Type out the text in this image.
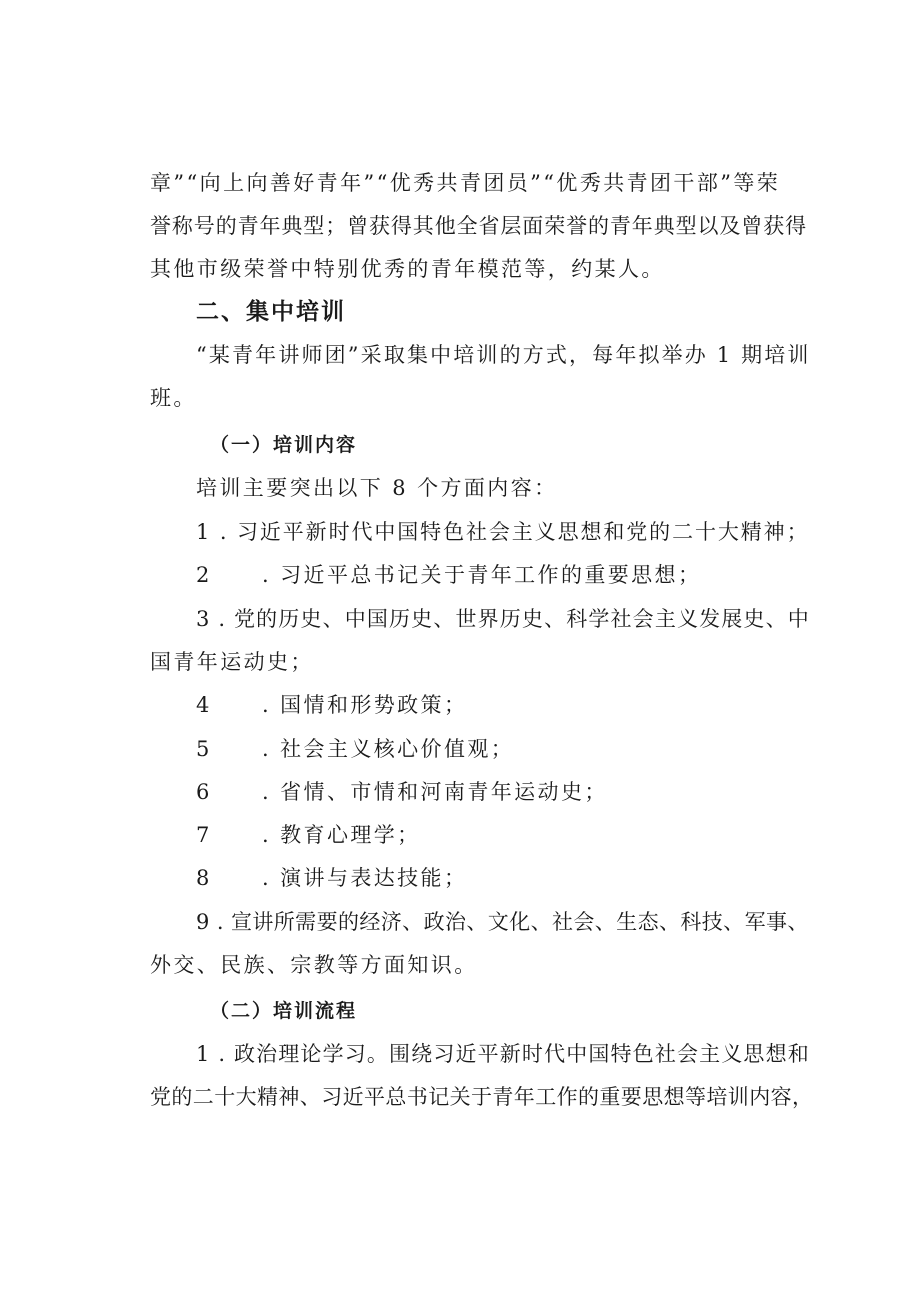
章”“向上向善好青年”“优秀共青团员”“优秀共青团干部”等荣
誉称号的青年典型；曾获得其他全省层面荣誉的青年典型以及曾获得
其他市级荣誉中特别优秀的青年模范等，约某人。
二、集中培训
“某青年讲师团”采取集中培训的方式，每年拟举办 1 期培训
班。
（一）培训内容
培训主要突出以下 8 个方面内容：
1 . 习近平新时代中国特色社会主义思想和党的二十大精神；
2 . 习近平总书记关于青年工作的重要思想；
3 . 党的历史、中国历史、世界历史、科学社会主义发展史、中
国青年运动史；
4 . 国情和形势政策；
5 . 社会主义核心价值观；
6 . 省情、市情和河南青年运动史；
7 . 教育心理学；
8 . 演讲与表达技能；
9 . 宣讲所需要的经济、政治、文化、社会、生态、科技、军事、
外交、民族、宗教等方面知识。
（二）培训流程
1 . 政治理论学习。围绕习近平新时代中国特色社会主义思想和
党的二十大精神、习近平总书记关于青年工作的重要思想等培训内容，
